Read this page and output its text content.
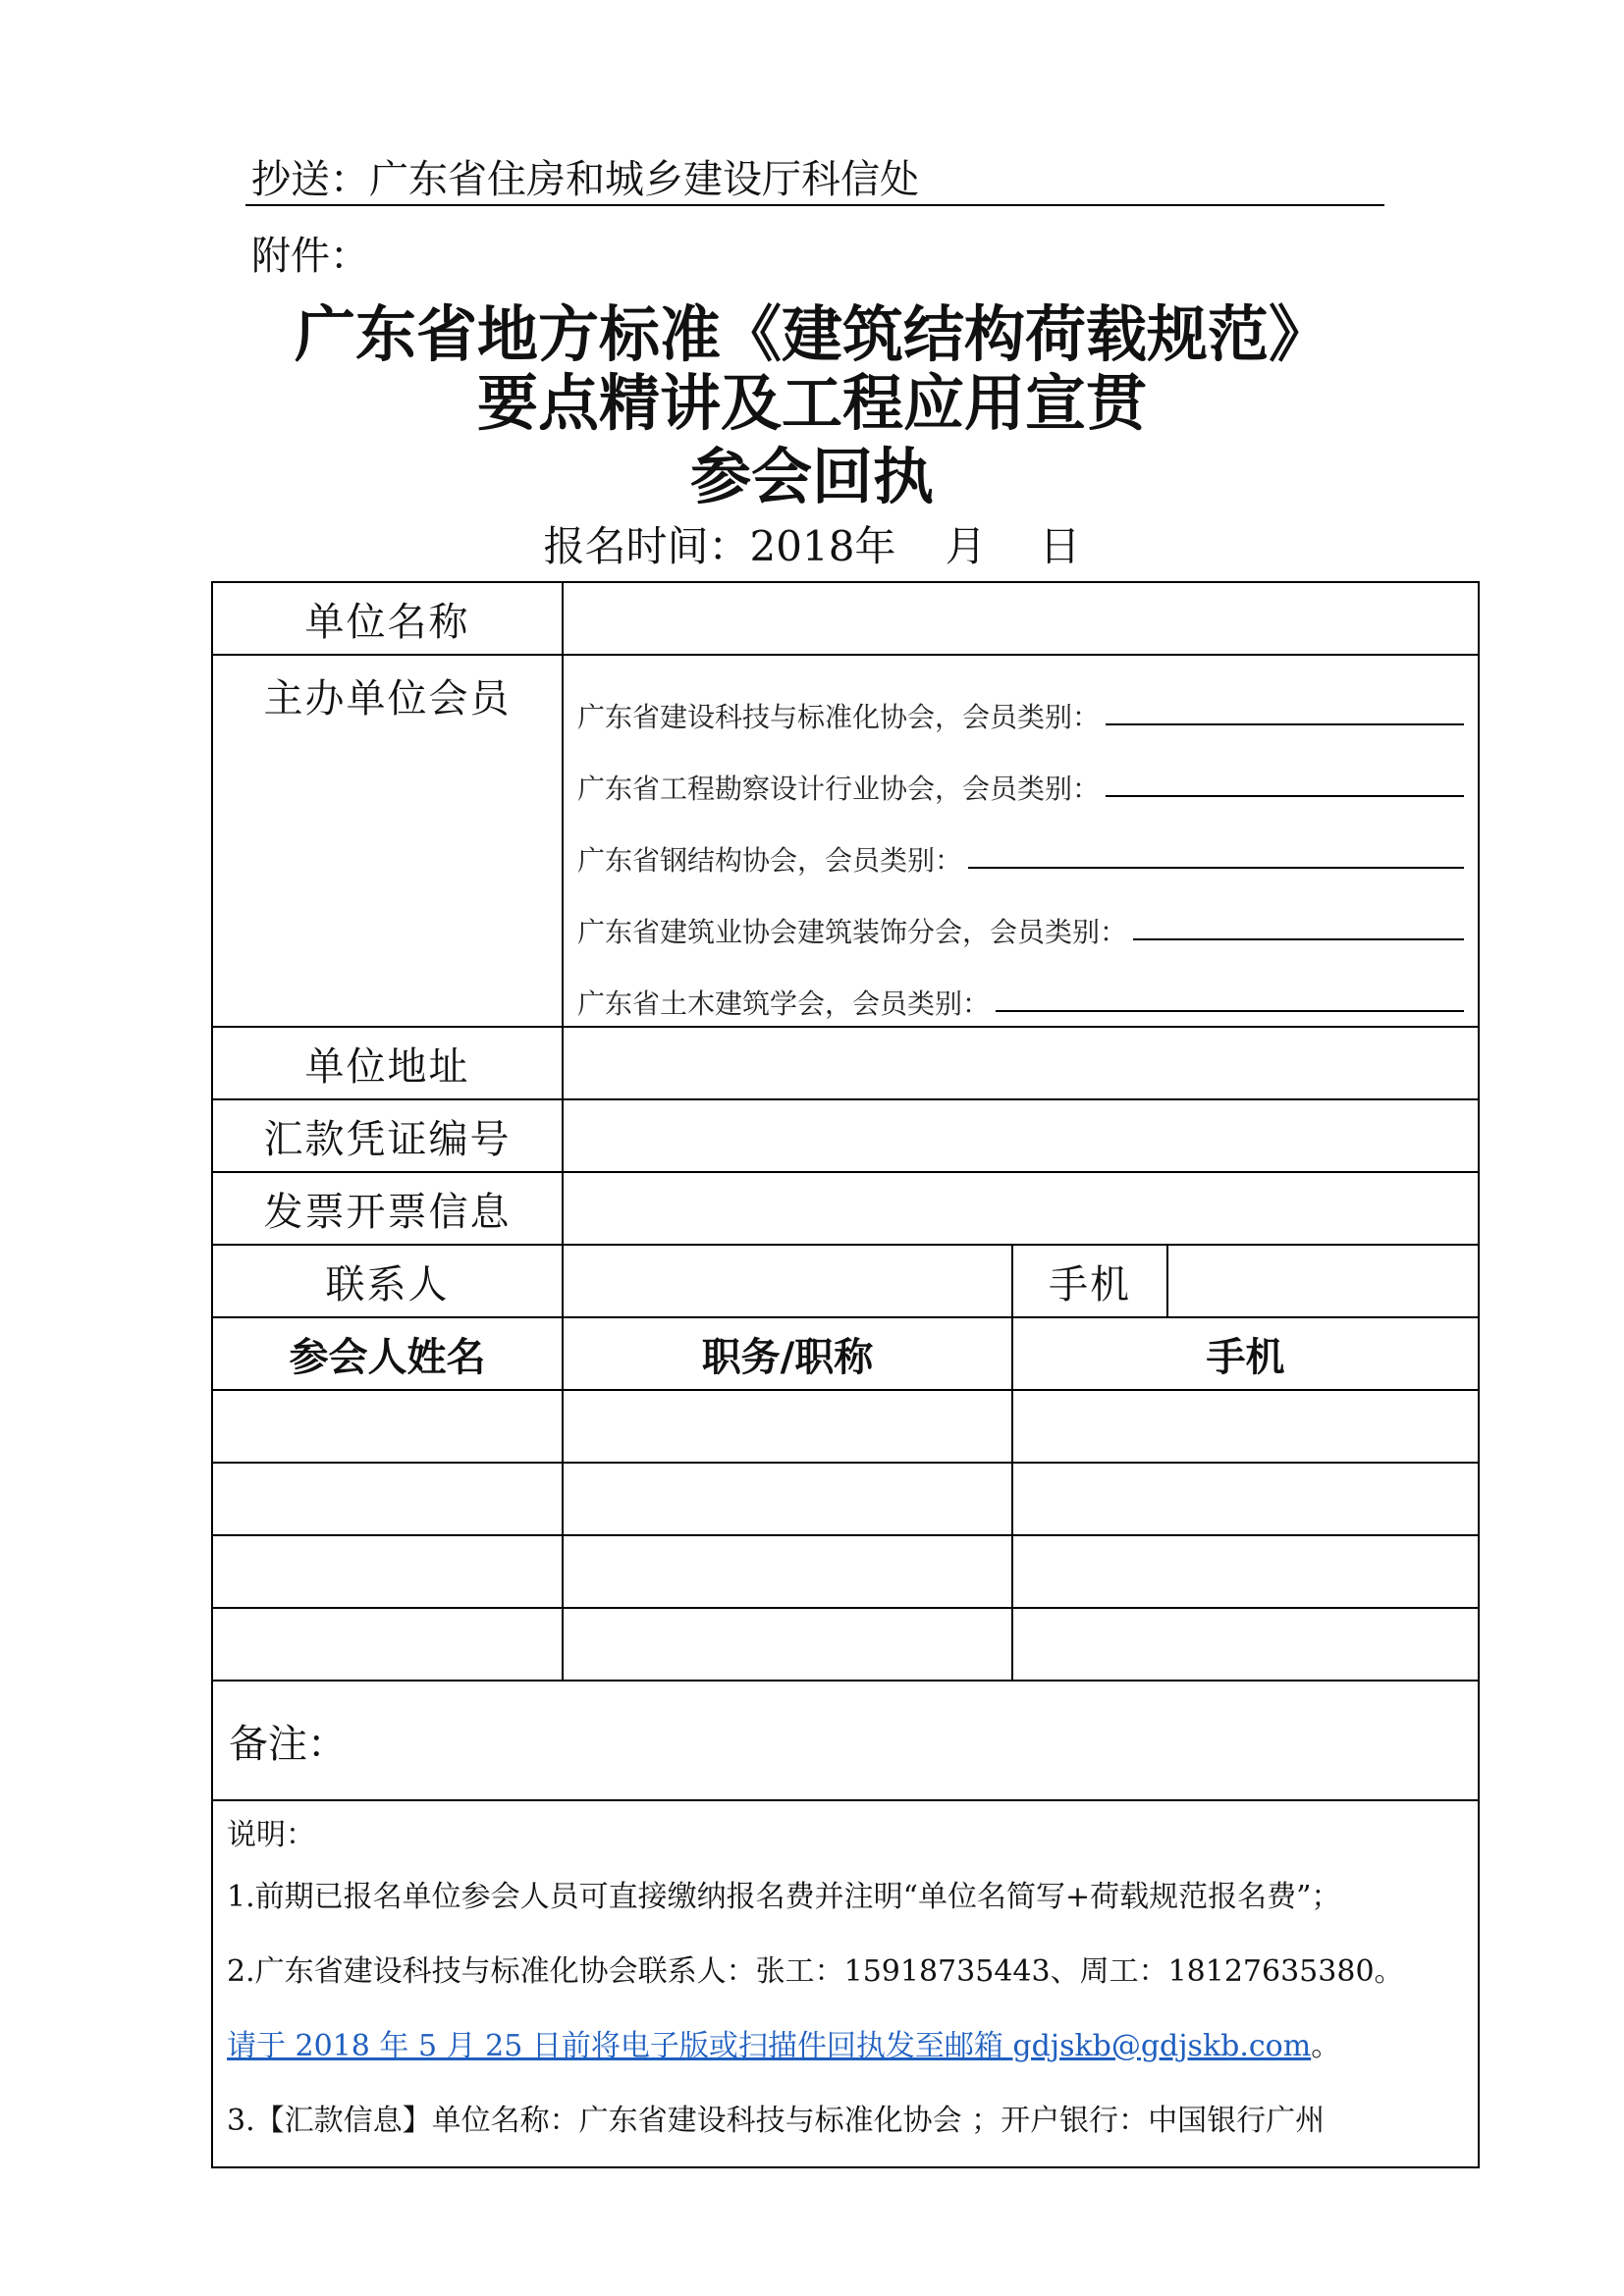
抄送：广东省住房和城乡建设厅科信处
附件：
广东省地方标准《建筑结构荷载规范》
要点精讲及工程应用宣贯
参会回执
报名时间：2018年 月 日
单位名称			
主办单位会员	广东省建设科技与标准化协会，会员类别：
广东省工程勘察设计行业协会，会员类别：
广东省钢结构协会，会员类别：
广东省建筑业协会建筑装饰分会，会员类别：
广东省土木建筑学会，会员类别：		

单位地址			
汇款凭证编号			
发票开票信息			
联系人		手机	
参会人姓名	职务/职称	手机	

备注：			

说明：
1.前期已报名单位参会人员可直接缴纳报名费并注明“单位名简写+荷载规范报名费”；
2.广东省建设科技与标准化协会联系人：张工：15918735443、周工：18127635380。
请于 2018 年 5 月 25 日前将电子版或扫描件回执发至邮箱 gdjskb@gdjskb.com。
3.【汇款信息】单位名称：广东省建设科技与标准化协会 ；开户银行：中国银行广州			
